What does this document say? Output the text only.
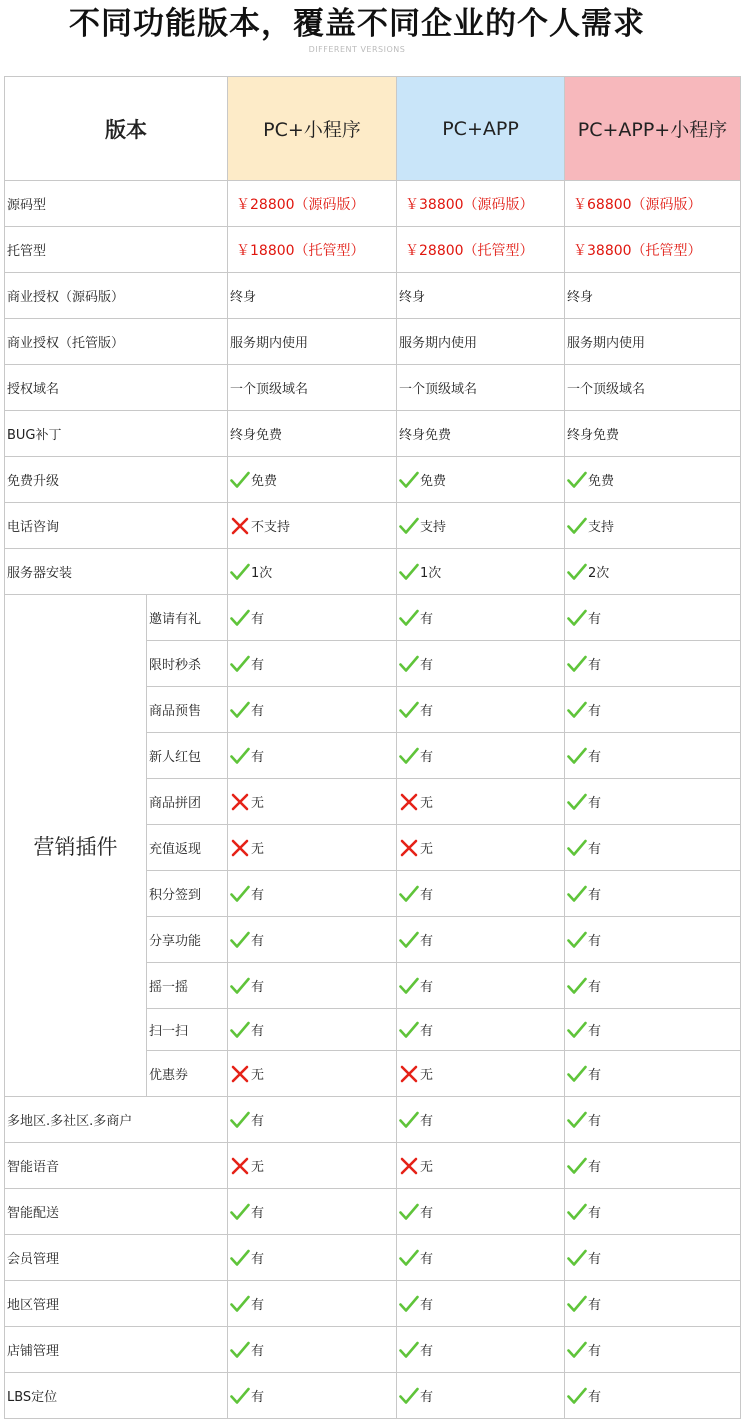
不同功能版本，覆盖不同企业的个人需求
DIFFERENT VERSIONS
版本		PC+小程序	PC+APP	PC+APP+小程序
源码型		￥28800（源码版）	￥38800（源码版）	￥68800（源码版）
托管型		￥18800（托管型）	￥28800（托管型）	￥38800（托管型）
商业授权（源码版）		终身	终身	终身
商业授权（托管版）		服务期内使用	服务期内使用	服务期内使用
授权域名		一个顶级域名	一个顶级域名	一个顶级域名
BUG补丁		终身免费	终身免费	终身免费
免费升级		免费	免费	免费
电话咨询		不支持	支持	支持
服务器安装		1次	1次	2次
营销插件	邀请有礼	有	有	有
	限时秒杀	有	有	有
	商品预售	有	有	有
	新人红包	有	有	有
	商品拼团	无	无	有
	充值返现	无	无	有
	积分签到	有	有	有
	分享功能	有	有	有
	摇一摇	有	有	有
	扫一扫	有	有	有
	优惠券	无	无	有
多地区.多社区.多商户		有	有	有
智能语音		无	无	有
智能配送		有	有	有
会员管理		有	有	有
地区管理		有	有	有
店铺管理		有	有	有
LBS定位		有	有	有
